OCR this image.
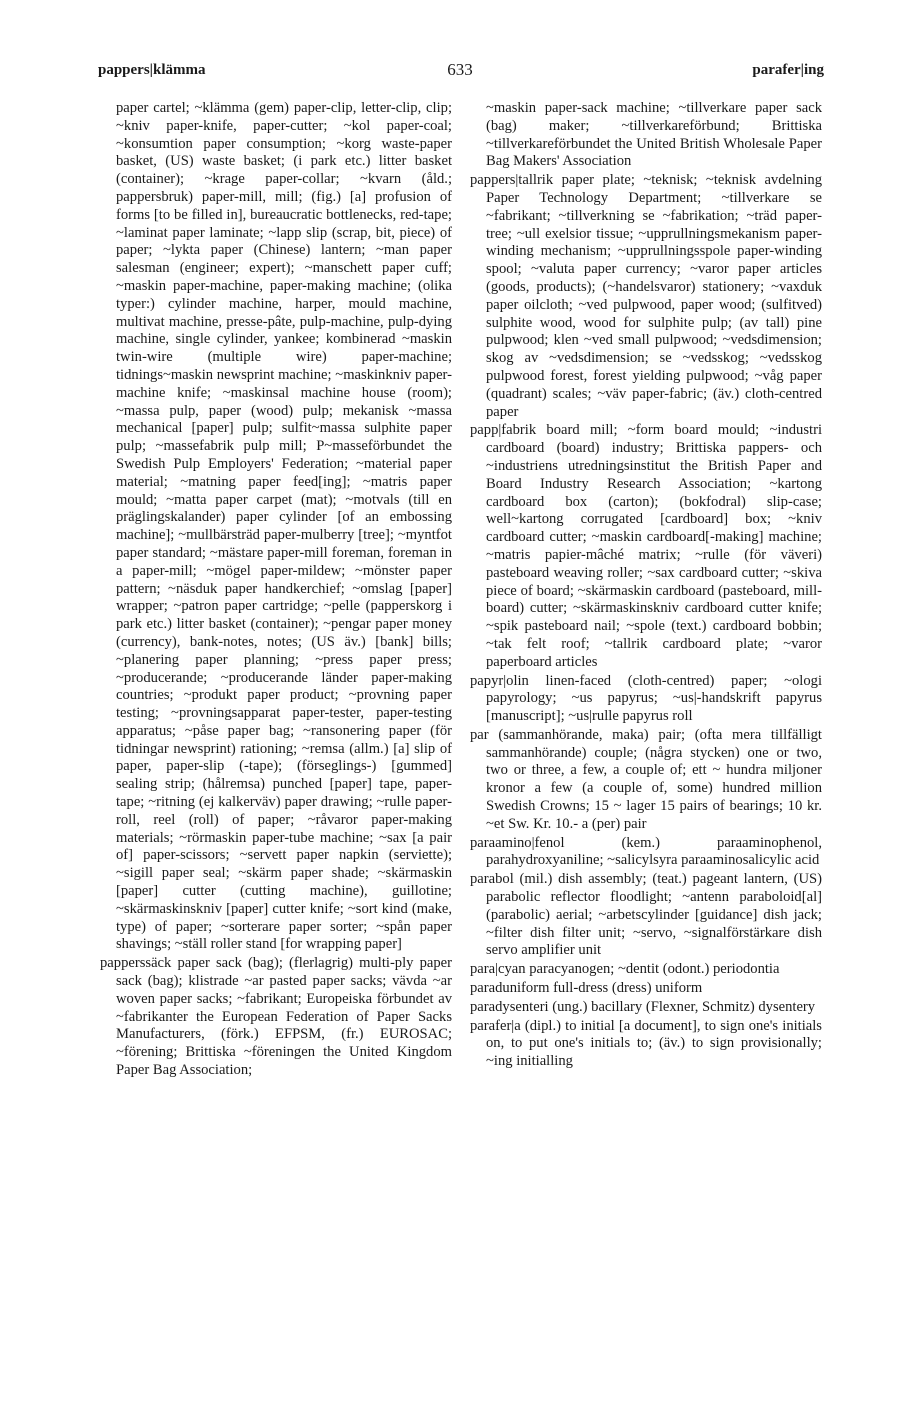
pappers|klämma	633	parafer|ing

paper cartel; ~klämma (gem) paper-clip, letter-clip, clip; ~kniv paper-knife, paper-cutter; ~kol paper-coal; ~konsumtion paper consumption; ~korg waste-paper basket, (US) waste basket; (i park etc.) litter basket (container); ~krage paper-collar; ~kvarn (åld.; pappersbruk) paper-mill, mill; (fig.) [a] profusion of forms [to be filled in], bureaucratic bottlenecks, red-tape; ~laminat paper laminate; ~lapp slip (scrap, bit, piece) of paper; ~lykta paper (Chinese) lantern; ~man paper salesman (engineer; expert); ~manschett paper cuff; ~maskin paper-machine, paper-making machine; (olika typer:) cylinder machine, harper, mould machine, multivat machine, presse-pâte, pulp-machine, pulp-dying machine, single cylinder, yankee; kombinerad ~maskin twin-wire (multiple wire) paper-machine; tidnings~maskin newsprint machine; ~maskinkniv paper-machine knife; ~maskinsal machine house (room); ~massa pulp, paper (wood) pulp; mekanisk ~massa mechanical [paper] pulp; sulfit~massa sulphite paper pulp; ~massefabrik pulp mill; P~masseförbundet the Swedish Pulp Employers' Federation; ~material paper material; ~matning paper feed[ing]; ~matris paper mould; ~matta paper carpet (mat); ~motvals (till en präglingskalander) paper cylinder [of an embossing machine]; ~mullbärsträd paper-mulberry [tree]; ~myntfot paper standard; ~mästare paper-mill foreman, foreman in a paper-mill; ~mögel paper-mildew; ~mönster paper pattern; ~näsduk paper handkerchief; ~omslag [paper] wrapper; ~patron paper cartridge; ~pelle (papperskorg i park etc.) litter basket (container); ~pengar paper money (currency), bank-notes, notes; (US äv.) [bank] bills; ~planering paper planning; ~press paper press; ~producerande; ~producerande länder paper-making countries; ~produkt paper product; ~provning paper testing; ~provningsapparat paper-tester, paper-testing apparatus; ~påse paper bag; ~ransonering paper (för tidningar newsprint) rationing; ~remsa (allm.) [a] slip of paper, paper-slip (-tape); (förseglings-) [gummed] sealing strip; (hålremsa) punched [paper] tape, paper-tape; ~ritning (ej kalkerväv) paper drawing; ~rulle paper-roll, reel (roll) of paper; ~råvaror paper-making materials; ~rörmaskin paper-tube machine; ~sax [a pair of] paper-scissors; ~servett paper napkin (serviette); ~sigill paper seal; ~skärm paper shade; ~skärmaskin [paper] cutter (cutting machine), guillotine; ~skärmaskinskniv [paper] cutter knife; ~sort kind (make, type) of paper; ~sorterare paper sorter; ~spån paper shavings; ~ställ roller stand [for wrapping paper]

papperssäck paper sack (bag); (flerlagrig) multi-ply paper sack (bag); klistrade ~ar pasted paper sacks; vävda ~ar woven paper sacks; ~fabrikant; Europeiska förbundet av ~fabrikanter the European Federation of Paper Sacks Manufacturers, (förk.) EFPSM, (fr.) EUROSAC; ~förening; Brittiska ~föreningen the United Kingdom Paper Bag Association;

~maskin paper-sack machine; ~tillverkare paper sack (bag) maker; ~tillverkareförbund; Brittiska ~tillverkareförbundet the United British Wholesale Paper Bag Makers' Association

pappers|tallrik paper plate; ~teknisk; ~teknisk avdelning Paper Technology Department; ~tillverkare se ~fabrikant; ~tillverkning se ~fabrikation; ~träd paper-tree; ~ull exelsior tissue; ~upprullningsmekanism paper-winding mechanism; ~upprullningsspole paper-winding spool; ~valuta paper currency; ~varor paper articles (goods, products); (~handelsvaror) stationery; ~vaxduk paper oilcloth; ~ved pulpwood, paper wood; (sulfitved) sulphite wood, wood for sulphite pulp; (av tall) pine pulpwood; klen ~ved small pulpwood; ~vedsdimension; skog av ~vedsdimension; se ~vedsskog; ~vedsskog pulpwood forest, forest yielding pulpwood; ~våg paper (quadrant) scales; ~väv paper-fabric; (äv.) cloth-centred paper

papp|fabrik board mill; ~form board mould; ~industri cardboard (board) industry; Brittiska pappers- och ~industriens utredningsinstitut the British Paper and Board Industry Research Association; ~kartong cardboard box (carton); (bokfodral) slip-case; well~kartong corrugated [cardboard] box; ~kniv cardboard cutter; ~maskin cardboard[-making] machine; ~matris papier-mâché matrix; ~rulle (för väveri) pasteboard weaving roller; ~sax cardboard cutter; ~skiva piece of board; ~skärmaskin cardboard (pasteboard, mill-board) cutter; ~skärmaskinskniv cardboard cutter knife; ~spik pasteboard nail; ~spole (text.) cardboard bobbin; ~tak felt roof; ~tallrik cardboard plate; ~varor paperboard articles

papyr|olin linen-faced (cloth-centred) paper; ~ologi papyrology; ~us papyrus; ~us|-handskrift papyrus [manuscript]; ~us|rulle papyrus roll

par (sammanhörande, maka) pair; (ofta mera tillfälligt sammanhörande) couple; (några stycken) one or two, two or three, a few, a couple of; ett ~ hundra miljoner kronor a few (a couple of, some) hundred million Swedish Crowns; 15 ~ lager 15 pairs of bearings; 10 kr. ~et Sw. Kr. 10.- a (per) pair

paraamino|fenol (kem.) paraaminophenol, parahydroxyaniline; ~salicylsyra paraaminosalicylic acid

parabol (mil.) dish assembly; (teat.) pageant lantern, (US) parabolic reflector floodlight; ~antenn paraboloid[al] (parabolic) aerial; ~arbetscylinder [guidance] dish jack; ~filter dish filter unit; ~servo, ~signalförstärkare dish servo amplifier unit

para|cyan paracyanogen; ~dentit (odont.) periodontia

paraduniform full-dress (dress) uniform

paradysenteri (ung.) bacillary (Flexner, Schmitz) dysentery

parafer|a (dipl.) to initial [a document], to sign one's initials on, to put one's initials to; (äv.) to sign provisionally; ~ing initialling
